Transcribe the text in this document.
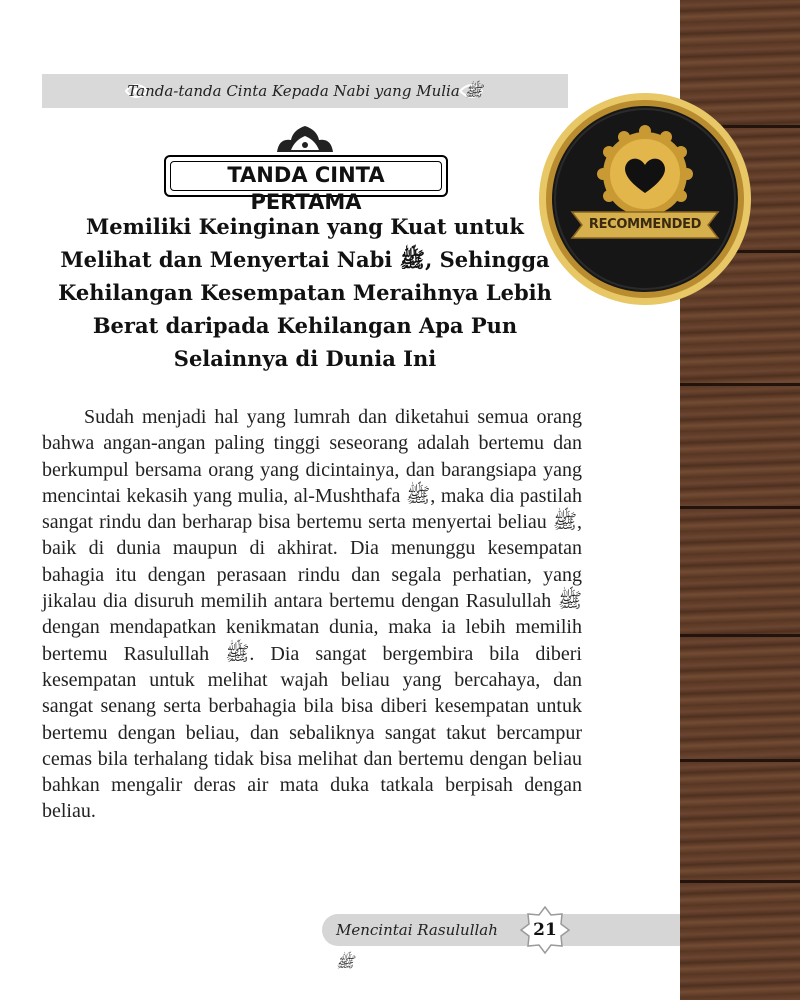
Tanda-tanda Cinta Kepada Nabi yang Mulia ﷺ
TANDA CINTA PERTAMA
Memiliki Keinginan yang Kuat untuk
Melihat dan Menyertai Nabi ﷺ, Sehingga
Kehilangan Kesempatan Meraihnya Lebih
Berat daripada Kehilangan Apa Pun
Selainnya di Dunia Ini

Sudah menjadi hal yang lumrah dan diketahui semua orang bahwa angan-angan paling tinggi seseorang adalah bertemu dan berkumpul bersama orang yang dicintainya, dan barangsiapa yang mencintai kekasih yang mulia, al-Mushthafa ﷺ, maka dia pastilah sangat rindu dan berharap bisa bertemu serta menyertai beliau ﷺ, baik di dunia maupun di akhirat. Dia menunggu kesempatan bahagia itu dengan perasaan rindu dan segala perhatian, yang jikalau dia disuruh memilih antara bertemu dengan Rasulullah ﷺ dengan mendapatkan kenikmatan dunia, maka ia lebih memilih bertemu Rasulullah ﷺ. Dia sangat bergembira bila diberi kesempatan untuk melihat wajah beliau yang bercahaya, dan sangat senang serta berbahagia bila bisa diberi kesempatan untuk bertemu dengan beliau, dan sebaliknya sangat takut bercampur cemas bila terhalang tidak bisa melihat dan bertemu dengan beliau bahkan mengalir deras air mata duka tatkala berpisah dengan beliau.

Mencintai Rasulullah ﷺ
21
RECOMMENDED
